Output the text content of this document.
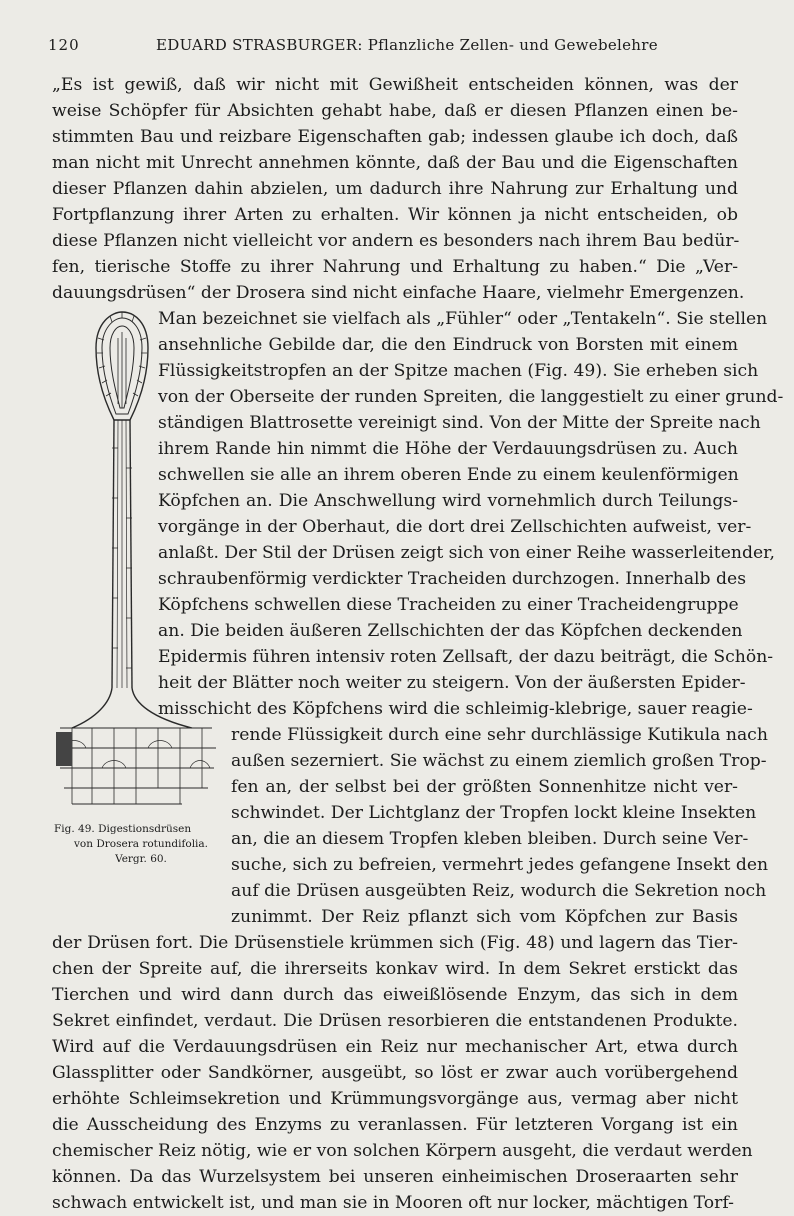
120	EDUARD STRASBURGER: Pflanzliche Zellen- und Gewebelehre
„Es ist gewiß, daß wir nicht mit Gewißheit entscheiden können, was der
weise Schöpfer für Absichten gehabt habe, daß er diesen Pflanzen einen be-
stimmten Bau und reizbare Eigenschaften gab; indessen glaube ich doch, daß
man nicht mit Unrecht annehmen könnte, daß der Bau und die Eigenschaften
dieser Pflanzen dahin abzielen, um dadurch ihre Nahrung zur Erhaltung und
Fortpflanzung ihrer Arten zu erhalten. Wir können ja nicht entscheiden, ob
diese Pflanzen nicht vielleicht vor andern es besonders nach ihrem Bau bedür-
fen, tierische Stoffe zu ihrer Nahrung und Erhaltung zu haben.“ Die „Ver-
dauungsdrüsen“ der Drosera sind nicht einfache Haare, vielmehr Emergenzen.
Man bezeichnet sie vielfach als „Fühler“ oder „Tentakeln“. Sie stellen
ansehnliche Gebilde dar, die den Eindruck von Borsten mit einem
Flüssigkeitstropfen an der Spitze machen (Fig. 49). Sie erheben sich
von der Oberseite der runden Spreiten, die langgestielt zu einer grund-
ständigen Blattrosette vereinigt sind. Von der Mitte der Spreite nach
ihrem Rande hin nimmt die Höhe der Verdauungsdrüsen zu. Auch
schwellen sie alle an ihrem oberen Ende zu einem keulenförmigen
Köpfchen an. Die Anschwellung wird vornehmlich durch Teilungs-
vorgänge in der Oberhaut, die dort drei Zellschichten aufweist, ver-
anlaßt. Der Stil der Drüsen zeigt sich von einer Reihe wasserleitender,
schraubenförmig verdickter Tracheiden durchzogen. Innerhalb des
Köpfchens schwellen diese Tracheiden zu einer Tracheidengruppe
an. Die beiden äußeren Zellschichten der das Köpfchen deckenden
Epidermis führen intensiv roten Zellsaft, der dazu beiträgt, die Schön-
heit der Blätter noch weiter zu steigern. Von der äußersten Epider-
misschicht des Köpfchens wird die schleimig-klebrige, sauer reagie-
rende Flüssigkeit durch eine sehr durchlässige Kutikula nach
außen sezerniert. Sie wächst zu einem ziemlich großen Trop-
fen an, der selbst bei der größten Sonnenhitze nicht ver-
schwindet. Der Lichtglanz der Tropfen lockt kleine Insekten
an, die an diesem Tropfen kleben bleiben. Durch seine Ver-
suche, sich zu befreien, vermehrt jedes gefangene Insekt den
auf die Drüsen ausgeübten Reiz, wodurch die Sekretion noch
zunimmt. Der Reiz pflanzt sich vom Köpfchen zur Basis
der Drüsen fort. Die Drüsenstiele krümmen sich (Fig. 48) und lagern das Tier-
chen der Spreite auf, die ihrerseits konkav wird. In dem Sekret erstickt das
Tierchen und wird dann durch das eiweißlösende Enzym, das sich in dem
Sekret einfindet, verdaut. Die Drüsen resorbieren die entstandenen Produkte.
Wird auf die Verdauungsdrüsen ein Reiz nur mechanischer Art, etwa durch
Glassplitter oder Sandkörner, ausgeübt, so löst er zwar auch vorübergehend
erhöhte Schleimsekretion und Krümmungsvorgänge aus, vermag aber nicht
die Ausscheidung des Enzyms zu veranlassen. Für letzteren Vorgang ist ein
chemischer Reiz nötig, wie er von solchen Körpern ausgeht, die verdaut werden
können. Da das Wurzelsystem bei unseren einheimischen Droseraarten sehr
schwach entwickelt ist, und man sie in Mooren oft nur locker, mächtigen Torf-
Fig. 49. Digestionsdrüsen
von Drosera rotundifolia.
Vergr. 60.
